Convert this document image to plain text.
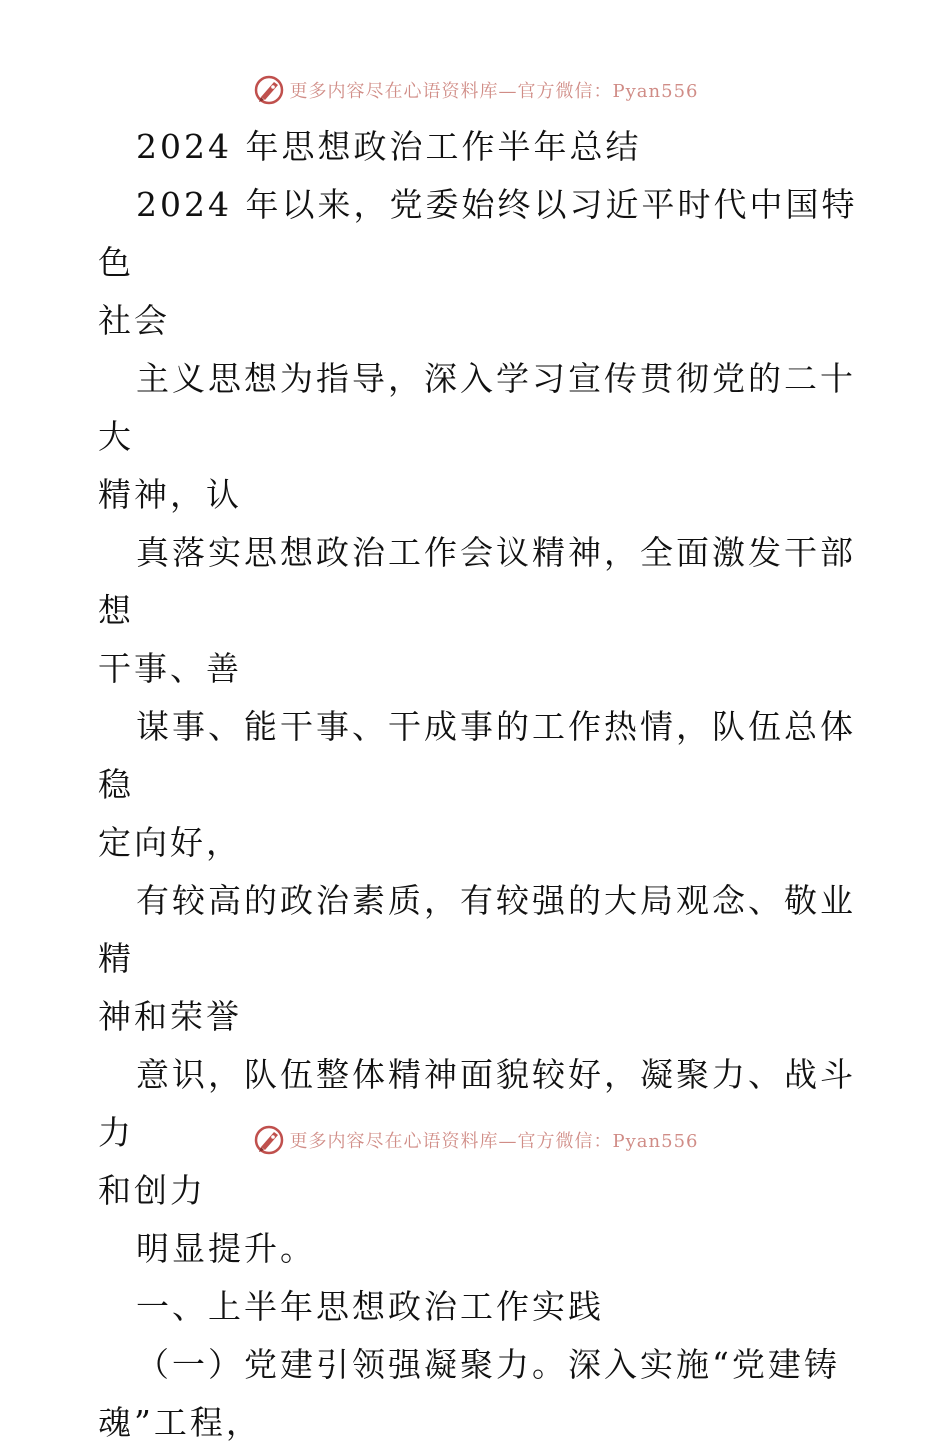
更多内容尽在心语资料库—官方微信：Pyan556

2024 年思想政治工作半年总结

2024 年以来，党委始终以习近平时代中国特色
社会

主义思想为指导，深入学习宣传贯彻党的二十大
精神，认

真落实思想政治工作会议精神，全面激发干部想
干事、善

谋事、能干事、干成事的工作热情，队伍总体稳
定向好，

有较高的政治素质，有较强的大局观念、敬业精
神和荣誉

意识，队伍整体精神面貌较好，凝聚力、战斗力
和创力

明显提升。

一、上半年思想政治工作实践

（一）党建引领强凝聚力。深入实施“党建铸
魂”工程，

更多内容尽在心语资料库—官方微信：Pyan556
